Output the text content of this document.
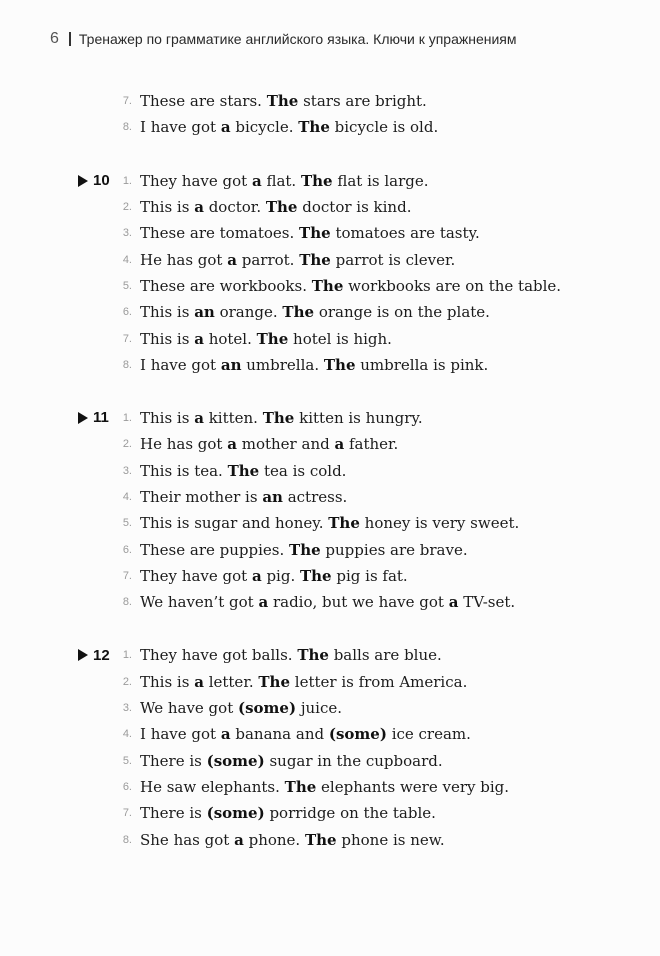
6 Тренажер по грамматике английского языка. Ключи к упражнениям
7. These are stars. The stars are bright.
8. I have got a bicycle. The bicycle is old.
10	1. They have got a flat. The flat is large.
2. This is a doctor. The doctor is kind.
3. These are tomatoes. The tomatoes are tasty.
4. He has got a parrot. The parrot is clever.
5. These are workbooks. The workbooks are on the table.
6. This is an orange. The orange is on the plate.
7. This is a hotel. The hotel is high.
8. I have got an umbrella. The umbrella is pink.
11	1. This is a kitten. The kitten is hungry.
2. He has got a mother and a father.
3. This is tea. The tea is cold.
4. Their mother is an actress.
5. This is sugar and honey. The honey is very sweet.
6. These are puppies. The puppies are brave.
7. They have got a pig. The pig is fat.
8. We haven’t got a radio, but we have got a TV-set.
12	1. They have got balls. The balls are blue.
2. This is a letter. The letter is from America.
3. We have got (some) juice.
4. I have got a banana and (some) ice cream.
5. There is (some) sugar in the cupboard.
6. He saw elephants. The elephants were very big.
7. There is (some) porridge on the table.
8. She has got a phone. The phone is new.
